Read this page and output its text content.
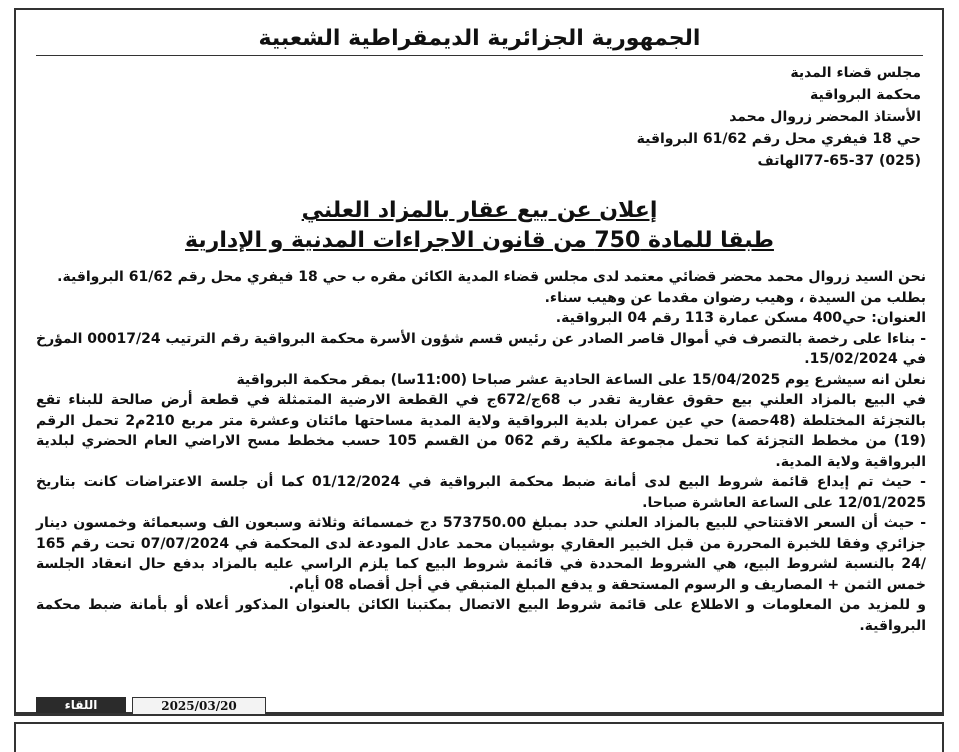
الجمهورية الجزائرية الديمقراطية الشعبية
مجلس قضاء المدية
محكمة البرواقية
الأستاذ المحضر زروال محمد
حي 18 فيفري محل رقم 61/62 البرواقية
(025) 77-65-37الهاتف
إعلان عن بيع عقار بالمزاد العلني
طبقا للمادة 750 من قانون الاجراءات المدنية و الإدارية

نحن السيد زروال محمد محضر قضائي معتمد لدى مجلس قضاء المدية الكائن مقره ب حي 18 فيفري محل رقم 61/62 البرواقية.

بطلب من السيدة ، وهيب رضوان مقدما عن وهيب سناء.

العنوان: حي400 مسكن عمارة 113 رقم 04 البرواقية.

- بناءا على رخصة بالتصرف في أموال قاصر الصادر عن رئيس قسم شؤون الأسرة محكمة البرواقية رقم الترتيب 00017/24 المؤرخ في 15/02/2024.

نعلن انه سيشرع يوم 15/04/2025 على الساعة الحادية عشر صباحا (11:00سا) بمقر محكمة البرواقية

في البيع بالمزاد العلني بيع حقوق عقارية تقدر ب 68ج/672ج في القطعة الارضية المتمثلة في قطعة أرض صالحة للبناء تقع بالتجزئة المختلطة (48حصة) حي عين عمران بلدية البرواقية ولاية المدية مساحتها مائتان وعشرة متر مربع 210م2 تحمل الرقم (19) من مخطط التجزئة كما تحمل مجموعة ملكية رقم 062 من القسم 105 حسب مخطط مسح الاراضي العام الحضري لبلدية البرواقية ولاية المدية.

- حيث تم إيداع قائمة شروط البيع لدى أمانة ضبط محكمة البرواقية في 01/12/2024 كما أن جلسة الاعتراضات كانت بتاريخ 12/01/2025 على الساعة العاشرة صباحا.

- حيث أن السعر الافتتاحي للبيع بالمزاد العلني حدد بمبلغ 573750.00 دج خمسمائة وثلاثة وسبعون الف وسبعمائة وخمسون دينار جزائري وفقا للخبرة المحررة من قبل الخبير العقاري بوشيبان محمد عادل المودعة لدى المحكمة في 07/07/2024 تحت رقم 165 /24 بالنسبة لشروط البيع، هي الشروط المحددة في قائمة شروط البيع كما يلزم الراسي عليه بالمزاد بدفع حال انعقاد الجلسة خمس الثمن + المصاريف و الرسوم المستحقة و يدفع المبلغ المتبقي في أجل أقصاه 08 أيام.

و للمزيد من المعلومات و الاطلاع على قائمة شروط البيع الاتصال بمكتبنا الكائن بالعنوان المذكور أعلاه أو بأمانة ضبط محكمة البرواقية.

اللقاء	2025/03/20
